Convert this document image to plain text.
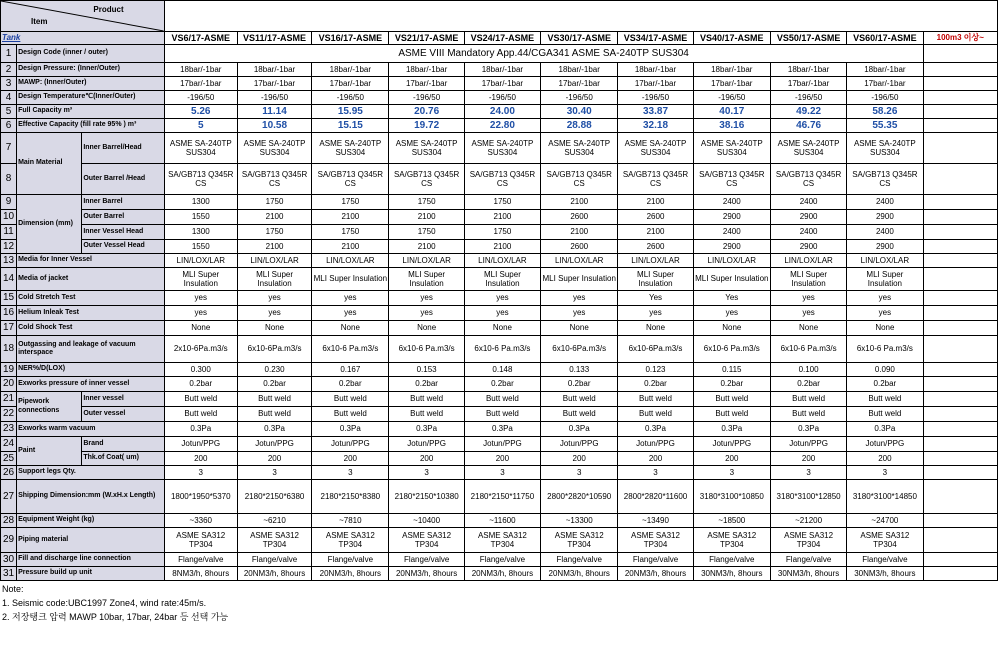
Product
Item													

Tank			VS6/17-ASME	VS11/17-ASME	VS16/17-ASME	VS21/17-ASME	VS24/17-ASME	VS30/17-ASME	VS34/17-ASME	VS40/17-ASME	VS50/17-ASME	VS60/17-ASME	100m3 이상~
1	Design Code (inner / outer)		ASME VIII Mandatory App.44/CGA341 ASME SA-240TP SUS304										
2	Design Pressure: (Inner/Outer)		18bar/-1bar	18bar/-1bar	18bar/-1bar	18bar/-1bar	18bar/-1bar	18bar/-1bar	18bar/-1bar	18bar/-1bar	18bar/-1bar	18bar/-1bar	
3	MAWP: (Inner/Outer)		17bar/-1bar	17bar/-1bar	17bar/-1bar	17bar/-1bar	17bar/-1bar	17bar/-1bar	17bar/-1bar	17bar/-1bar	17bar/-1bar	17bar/-1bar	
4	Design Temperature℃(Inner/Outer)		-196/50	-196/50	-196/50	-196/50	-196/50	-196/50	-196/50	-196/50	-196/50	-196/50	
5	Full Capacity m³		5.26	11.14	15.95	20.76	24.00	30.40	33.87	40.17	49.22	58.26	
6	Effective Capacity (fill rate 95% ) m³		5	10.58	15.15	19.72	22.80	28.88	32.18	38.16	46.76	55.35	
7	Main Material	Inner Barrel/Head	ASME SA-240TP SUS304	ASME SA-240TP SUS304	ASME SA-240TP SUS304	ASME SA-240TP SUS304	ASME SA-240TP SUS304	ASME SA-240TP SUS304	ASME SA-240TP SUS304	ASME SA-240TP SUS304	ASME SA-240TP SUS304	ASME SA-240TP SUS304	
8		Outer Barrel /Head	SA/GB713 Q345R CS	SA/GB713 Q345R CS	SA/GB713 Q345R CS	SA/GB713 Q345R CS	SA/GB713 Q345R CS	SA/GB713 Q345R CS	SA/GB713 Q345R CS	SA/GB713 Q345R CS	SA/GB713 Q345R CS	SA/GB713 Q345R CS	
9	Dimension (mm)	Inner Barrel	1300	1750	1750	1750	1750	2100	2100	2400	2400	2400	
10		Outer Barrel	1550	2100	2100	2100	2100	2600	2600	2900	2900	2900	
11		Inner Vessel Head	1300	1750	1750	1750	1750	2100	2100	2400	2400	2400	
12		Outer Vessel Head	1550	2100	2100	2100	2100	2600	2600	2900	2900	2900	
13	Media for Inner Vessel		LIN/LOX/LAR	LIN/LOX/LAR	LIN/LOX/LAR	LIN/LOX/LAR	LIN/LOX/LAR	LIN/LOX/LAR	LIN/LOX/LAR	LIN/LOX/LAR	LIN/LOX/LAR	LIN/LOX/LAR	
14	Media of jacket		MLI Super Insulation	MLI Super Insulation	MLI Super Insulation	MLI Super Insulation	MLI Super Insulation	MLI Super Insulation	MLI Super Insulation	MLI Super Insulation	MLI Super Insulation	MLI Super Insulation	
15	Cold Stretch Test		yes	yes	yes	yes	yes	yes	Yes	Yes	yes	yes	
16	Helium Inleak Test		yes	yes	yes	yes	yes	yes	yes	yes	yes	yes	
17	Cold Shock Test		None	None	None	None	None	None	None	None	None	None	
18	Outgassing and leakage of vacuum interspace		2x10-6Pa.m3/s	6x10-6Pa.m3/s	6x10-6 Pa.m3/s	6x10-6 Pa.m3/s	6x10-6 Pa.m3/s	6x10-6Pa.m3/s	6x10-6Pa.m3/s	6x10-6 Pa.m3/s	6x10-6 Pa.m3/s	6x10-6 Pa.m3/s	
19	NER%/D(LOX)		0.300	0.230	0.167	0.153	0.148	0.133	0.123	0.115	0.100	0.090	
20	Exworks pressure of inner vessel		0.2bar	0.2bar	0.2bar	0.2bar	0.2bar	0.2bar	0.2bar	0.2bar	0.2bar	0.2bar	
21	Pipework connections	Inner vessel	Butt weld	Butt weld	Butt weld	Butt weld	Butt weld	Butt weld	Butt weld	Butt weld	Butt weld	Butt weld	
22		Outer vessel	Butt weld	Butt weld	Butt weld	Butt weld	Butt weld	Butt weld	Butt weld	Butt weld	Butt weld	Butt weld	
23	Exworks warm vacuum		0.3Pa	0.3Pa	0.3Pa	0.3Pa	0.3Pa	0.3Pa	0.3Pa	0.3Pa	0.3Pa	0.3Pa	
24	Paint	Brand	Jotun/PPG	Jotun/PPG	Jotun/PPG	Jotun/PPG	Jotun/PPG	Jotun/PPG	Jotun/PPG	Jotun/PPG	Jotun/PPG	Jotun/PPG	
25		Thk.of Coat( um)	200	200	200	200	200	200	200	200	200	200	
26	Support legs Qty.		3	3	3	3	3	3	3	3	3	3	
27	Shipping Dimension:mm (W.xH.x Length)		1800*1950*5370	2180*2150*6380	2180*2150*8380	2180*2150*10380	2180*2150*11750	2800*2820*10590	2800*2820*11600	3180*3100*10850	3180*3100*12850	3180*3100*14850	
28	Equipment Weight (kg)		~3360	~6210	~7810	~10400	~11600	~13300	~13490	~18500	~21200	~24700	
29	Piping material		ASME SA312 TP304	ASME SA312 TP304	ASME SA312 TP304	ASME SA312 TP304	ASME SA312 TP304	ASME SA312 TP304	ASME SA312 TP304	ASME SA312 TP304	ASME SA312 TP304	ASME SA312 TP304	
30	Fill and discharge line connection		Flange/valve	Flange/valve	Flange/valve	Flange/valve	Flange/valve	Flange/valve	Flange/valve	Flange/valve	Flange/valve	Flange/valve	
31	Pressure build up unit		8NM3/h, 8hours	20NM3/h, 8hours	20NM3/h, 8hours	20NM3/h, 8hours	20NM3/h, 8hours	20NM3/h, 8hours	20NM3/h, 8hours	30NM3/h, 8hours	30NM3/h, 8hours	30NM3/h, 8hours	
Note:
1. Seismic code:UBC1997 Zone4, wind rate:45m/s.
2. 저장탱크 압력 MAWP 10bar, 17bar, 24bar 등 선택 가능
